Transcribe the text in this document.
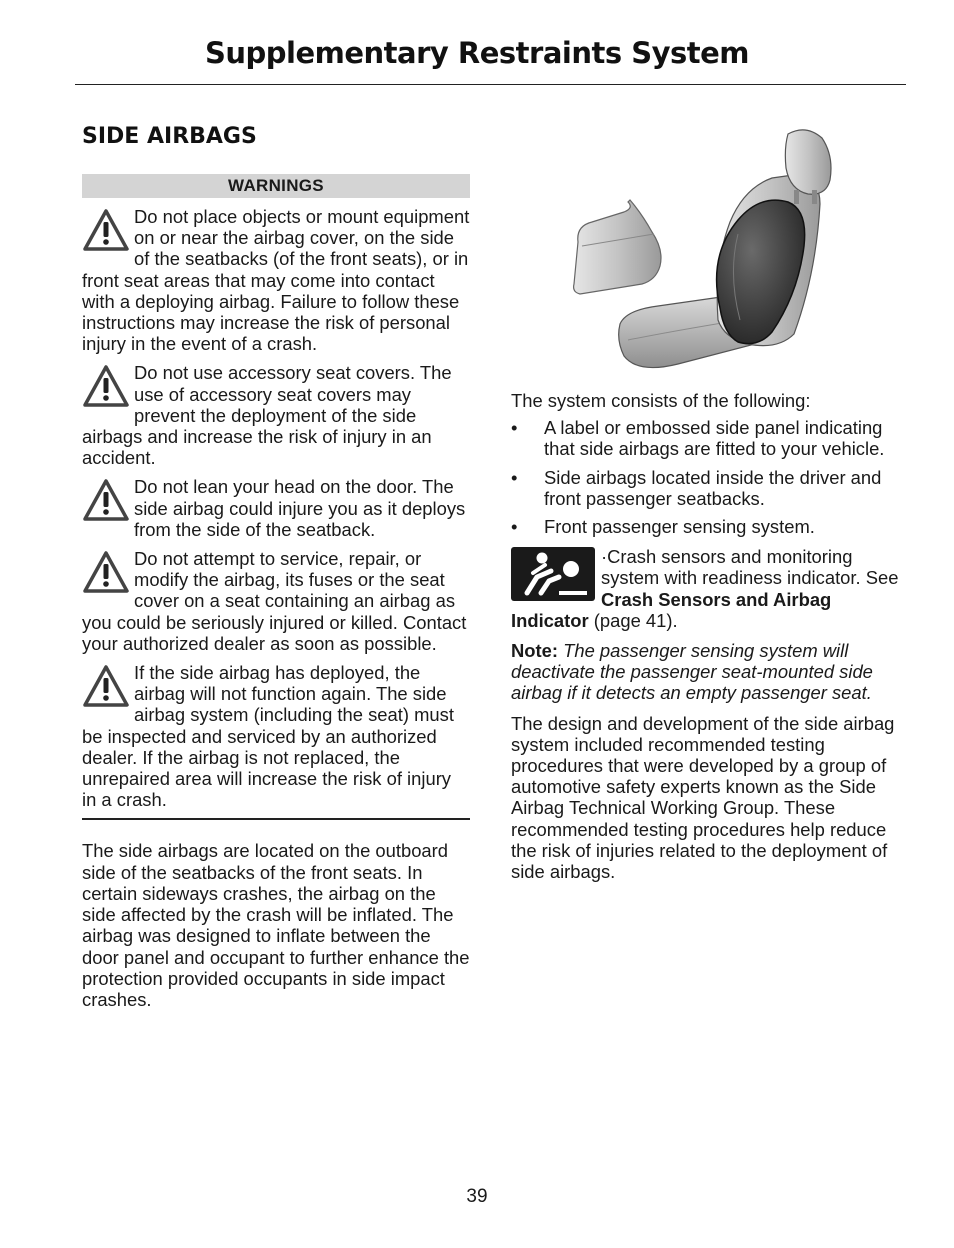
Supplementary Restraints System
SIDE AIRBAGS
WARNINGS
Do not place objects or mount equipment on or near the airbag cover, on the side of the seatbacks (of the front seats), or in front seat areas that may come into contact with a deploying airbag. Failure to follow these instructions may increase the risk of personal injury in the event of a crash.
Do not use accessory seat covers. The use of accessory seat covers may prevent the deployment of the side airbags and increase the risk of injury in an accident.
Do not lean your head on the door. The side airbag could injure you as it deploys from the side of the seatback.
Do not attempt to service, repair, or modify the airbag, its fuses or the seat cover on a seat containing an airbag as you could be seriously injured or killed. Contact your authorized dealer as soon as possible.
If the side airbag has deployed, the airbag will not function again. The side airbag system (including the seat) must be inspected and serviced by an authorized dealer. If the airbag is not replaced, the unrepaired area will increase the risk of injury in a crash.
The side airbags are located on the outboard side of the seatbacks of the front seats. In certain sideways crashes, the airbag on the side affected by the crash will be inflated. The airbag was designed to inflate between the door panel and occupant to further enhance the protection provided occupants in side impact crashes.

The system consists of the following:

• A label or embossed side panel indicating that side airbags are fitted to your vehicle.
• Side airbags located inside the driver and front passenger seatbacks.
• Front passenger sensing system.

·Crash sensors and monitoring system with readiness indicator. See Crash Sensors and Airbag Indicator (page 41).

Note: The passenger sensing system will deactivate the passenger seat-mounted side airbag if it detects an empty passenger seat.

The design and development of the side airbag system included recommended testing procedures that were developed by a group of automotive safety experts known as the Side Airbag Technical Working Group. These recommended testing procedures help reduce the risk of injuries related to the deployment of side airbags.

39
